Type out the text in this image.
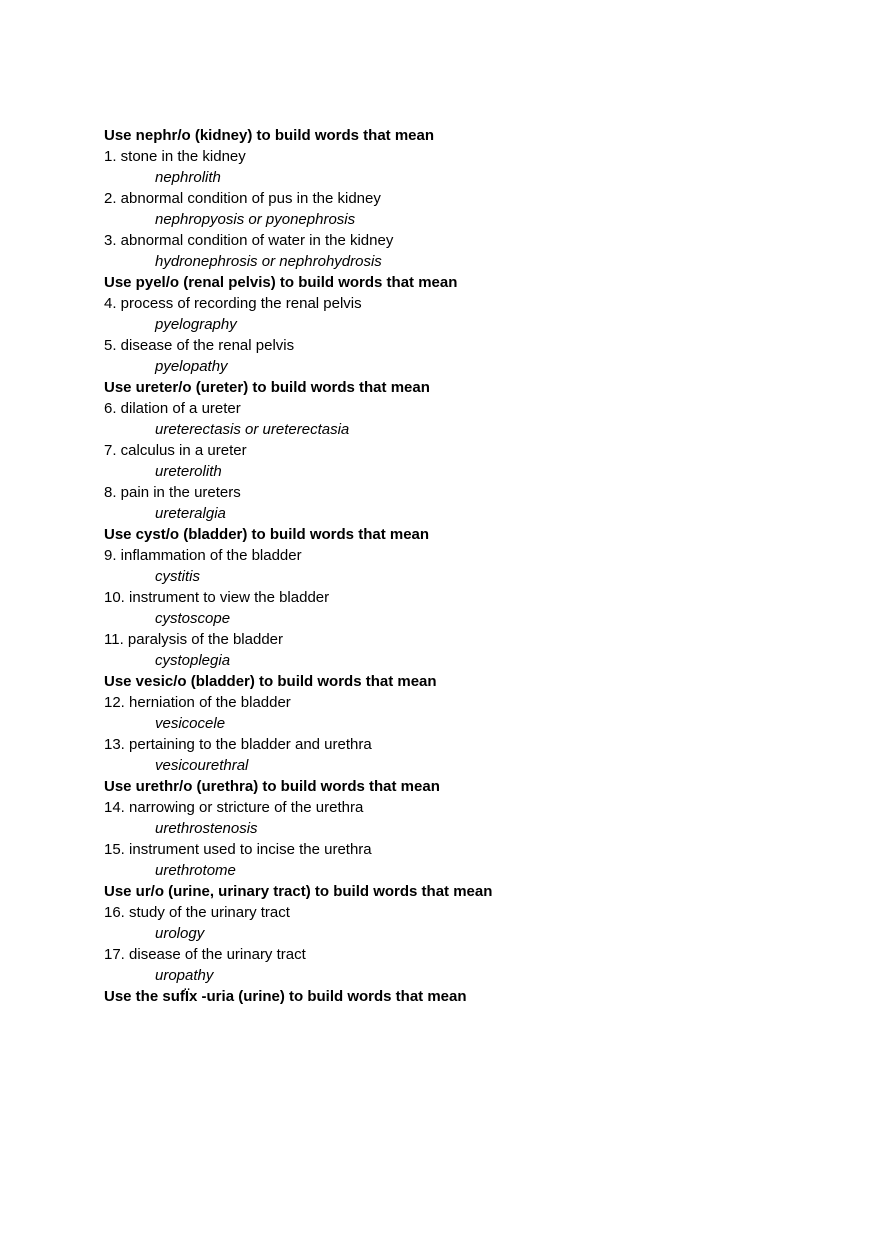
Use nephr/o (kidney) to build words that mean
1. stone in the kidney
nephrolith
2. abnormal condition of pus in the kidney
nephropyosis or pyonephrosis
3. abnormal condition of water in the kidney
hydronephrosis or nephrohydrosis
Use pyel/o (renal pelvis) to build words that mean
4. process of recording the renal pelvis
pyelography
5. disease of the renal pelvis
pyelopathy
Use ureter/o (ureter) to build words that mean
6. dilation of a ureter
ureterectasis or ureterectasia
7. calculus in a ureter
ureterolith
8. pain in the ureters
ureteralgia
Use cyst/o (bladder) to build words that mean
9. inflammation of the bladder
cystitis
10. instrument to view the bladder
cystoscope
11. paralysis of the bladder
cystoplegia
Use vesic/o (bladder) to build words that mean
12. herniation of the bladder
vesicocele
13. pertaining to the bladder and urethra
vesicourethral
Use urethr/o (urethra) to build words that mean
14. narrowing or stricture of the urethra
urethrostenosis
15. instrument used to incise the urethra
urethrotome
Use ur/o (urine, urinary tract) to build words that mean
16. study of the urinary tract
urology
17. disease of the urinary tract
uropathy
Use the sufÏx -uria (urine) to build words that mean
